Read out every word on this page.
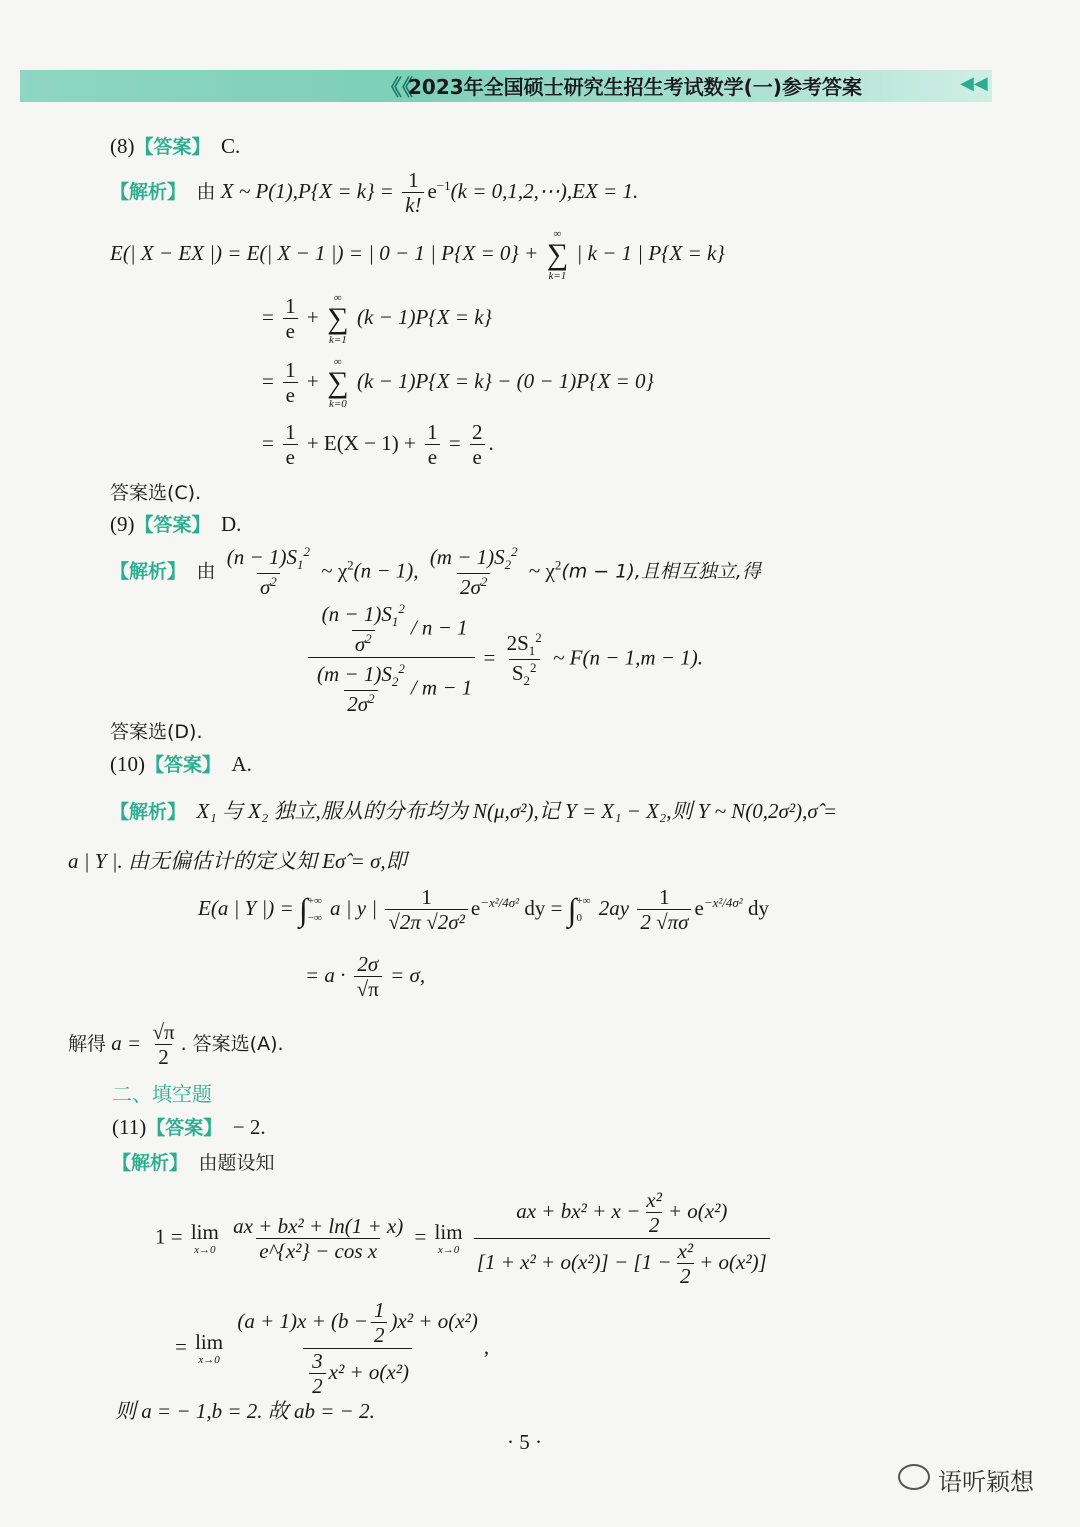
《《
2023年全国硕士研究生招生考试数学(一)参考答案	◀◀
(8)【答案】 C.
【解析】 由 X ~ $P(1),P\{X = k\} = \frac{1}{k!} e^{-1}(k$ = 0,1,2,⋯),EX = 1.
E(| X − EX |) = E(| X − 1 |) = | 0 − 1 | P{X = 0} +
∞
∑
k=1
| k − 1 | P{X = k}
= $\frac{1}{e}$ +
∞
∑
k=1
(k − 1)P{X = k}
= $\frac{1}{e}$ +
∞
∑
k=0
(k − 1)P{X = k} − (0 − 1)P{X = 0}
= $\frac{1}{e} + E(X - 1) + \frac{1}{e} = \frac{2}{e}$ .
答案选(C).
(9)【答案】 D.
【解析】 由 $\frac{(n - 1)S_1^2}{\sigma^2}$ ~ $\chi^2(n - 1)$, $\frac{(m - 1)S_2^2}{2\sigma^2}$ ~ $\chi^2(m - 1)$,且相互独立,得
$\frac{\frac{(n - 1)S_1^2}{\sigma^2} / n - 1}{\frac{(m - 1)S_2^2}{2\sigma^2} / m - 1} = \frac{2S_1^2}{S_2^2}$ ~ F(n − 1,m − 1).
答案选(D).
(10)【答案】 A.
【解析】 X₁ 与 X₂ 独立,服从的分布均为 N(μ,σ²),记 Y = X₁ − X₂,则 Y ~ N(0,2σ²),σ̂ =
a | Y |. 由无偏估计的定义知 Eσ̂ = σ,即
E(a | Y |) = ∫ +∞
−∞ a | y | $\frac{1}{\text{√2π √2σ²}} e^{-x^2/4\sigma^2}$ dy = ∫ +∞
0 $2ay \frac{1}{2 √\pi\sigma} e^{-x^2/4\sigma^2}$ dy
= $a \cdot \frac{2\sigma}{√\pi} = \sigma$,
解得 $a = \frac{√\pi}{2}$ . 答案选(A).
二、填空题
(11)【答案】 − 2.
【解析】 由题设知
1 = lim
x→0
$\frac{\text{ax + bx² + ln(1 + x)}}{\text{e\textasciicircum{}\{x²\} − cos x}} = \lim$
x→0
$\frac{ax + bx^2 + x - \frac{\text{x²}}{2} + o(x^2)}{[1 + x^2 + o(x^2)] - [1 - \frac{\text{x²}}{2} + o(x^2)]}$
= lim
x→0
$\frac{(a + 1)x + (b - \frac{1}{2} )x^2 + o(x^2)}{\frac{3}{2} x^2 + o(x^2)}$ ,
则 a = − 1,b = 2. 故 ab = − 2.
· 5 ·
语听颖想
